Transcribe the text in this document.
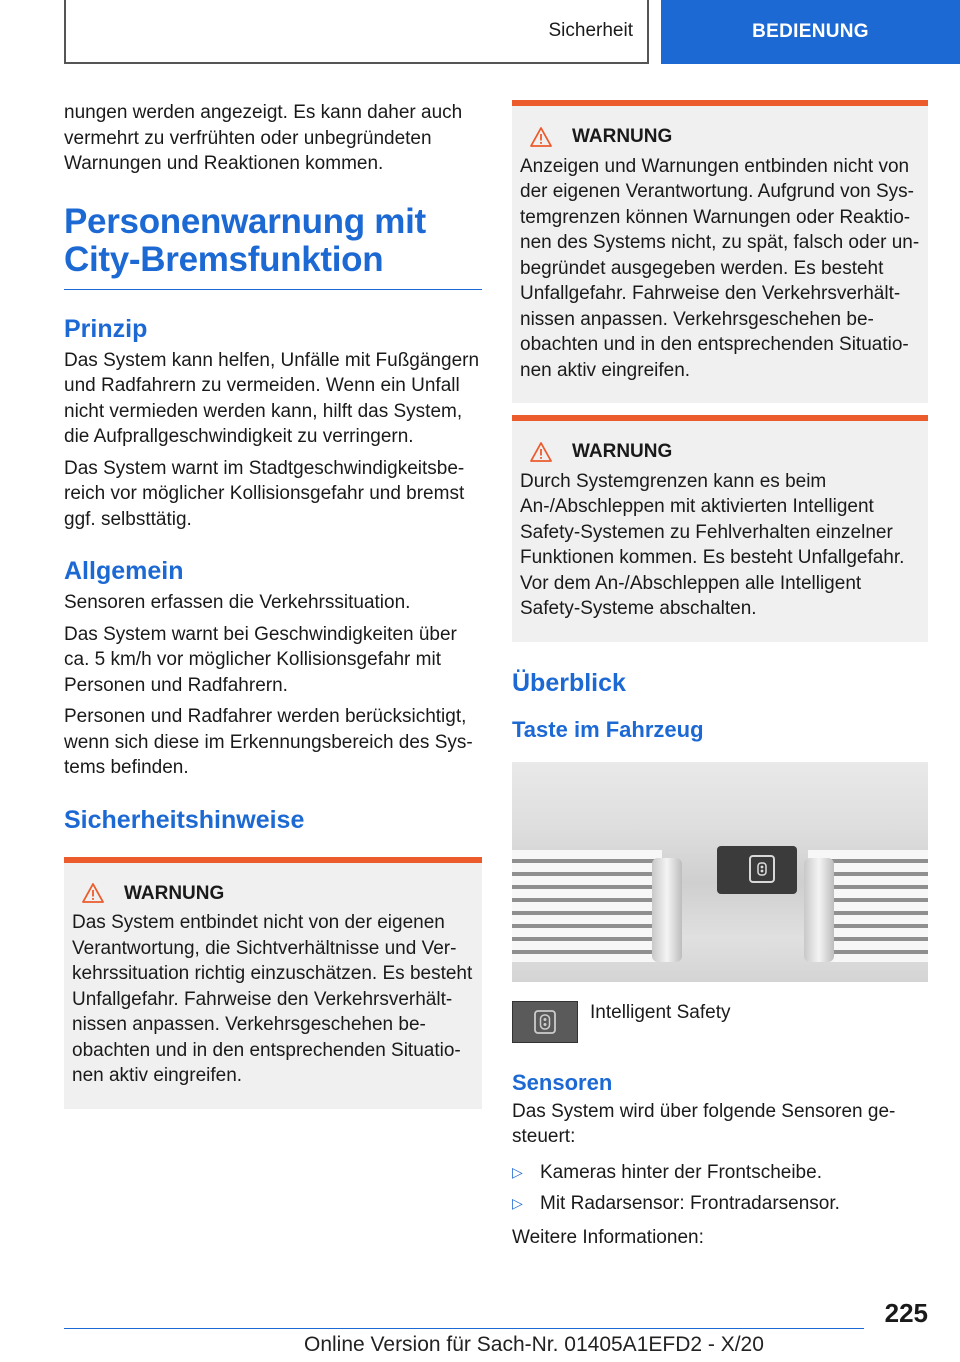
Sicherheit	BEDIENUNG

nungen werden angezeigt. Es kann daher auch vermehrt zu verfrühten oder unbegründeten Warnungen und Reaktionen kommen.

Personenwarnung mit City-Bremsfunktion
Prinzip

Das System kann helfen, Unfälle mit Fußgängern und Radfahrern zu vermeiden. Wenn ein Unfall nicht vermieden werden kann, hilft das System, die Aufprallgeschwindigkeit zu verringern.

Das System warnt im Stadtgeschwindigkeitsbereich vor möglicher Kollisionsgefahr und bremst ggf. selbsttätig.

Allgemein

Sensoren erfassen die Verkehrssituation.

Das System warnt bei Geschwindigkeiten über ca. 5 km/h vor möglicher Kollisionsgefahr mit Personen und Radfahrern.

Personen und Radfahrer werden berücksichtigt, wenn sich diese im Erkennungsbereich des Systems befinden.

Sicherheitshinweise
WARNUNG
Das System entbindet nicht von der eigenen Verantwortung, die Sichtverhältnisse und Verkehrssituation richtig einzuschätzen. Es besteht Unfallgefahr. Fahrweise den Verkehrsverhältnissen anpassen. Verkehrsgeschehen beobachten und in den entsprechenden Situationen aktiv eingreifen.
WARNUNG
Anzeigen und Warnungen entbinden nicht von der eigenen Verantwortung. Aufgrund von Systemgrenzen können Warnungen oder Reaktionen des Systems nicht, zu spät, falsch oder unbegründet ausgegeben werden. Es besteht Unfallgefahr. Fahrweise den Verkehrsverhältnissen anpassen. Verkehrsgeschehen beobachten und in den entsprechenden Situationen aktiv eingreifen.
WARNUNG
Durch Systemgrenzen kann es beim An-/Abschleppen mit aktivierten Intelligent Safety-Systemen zu Fehlverhalten einzelner Funktionen kommen. Es besteht Unfallgefahr. Vor dem An-/Abschleppen alle Intelligent Safety-Systeme abschalten.
Überblick
Taste im Fahrzeug
Intelligent Safety
Sensoren

Das System wird über folgende Sensoren gesteuert:

▷ Kameras hinter der Frontscheibe.
▷ Mit Radarsensor: Frontradarsensor.

Weitere Informationen:

225
Online Version für Sach-Nr. 01405A1EFD2 - X/20
